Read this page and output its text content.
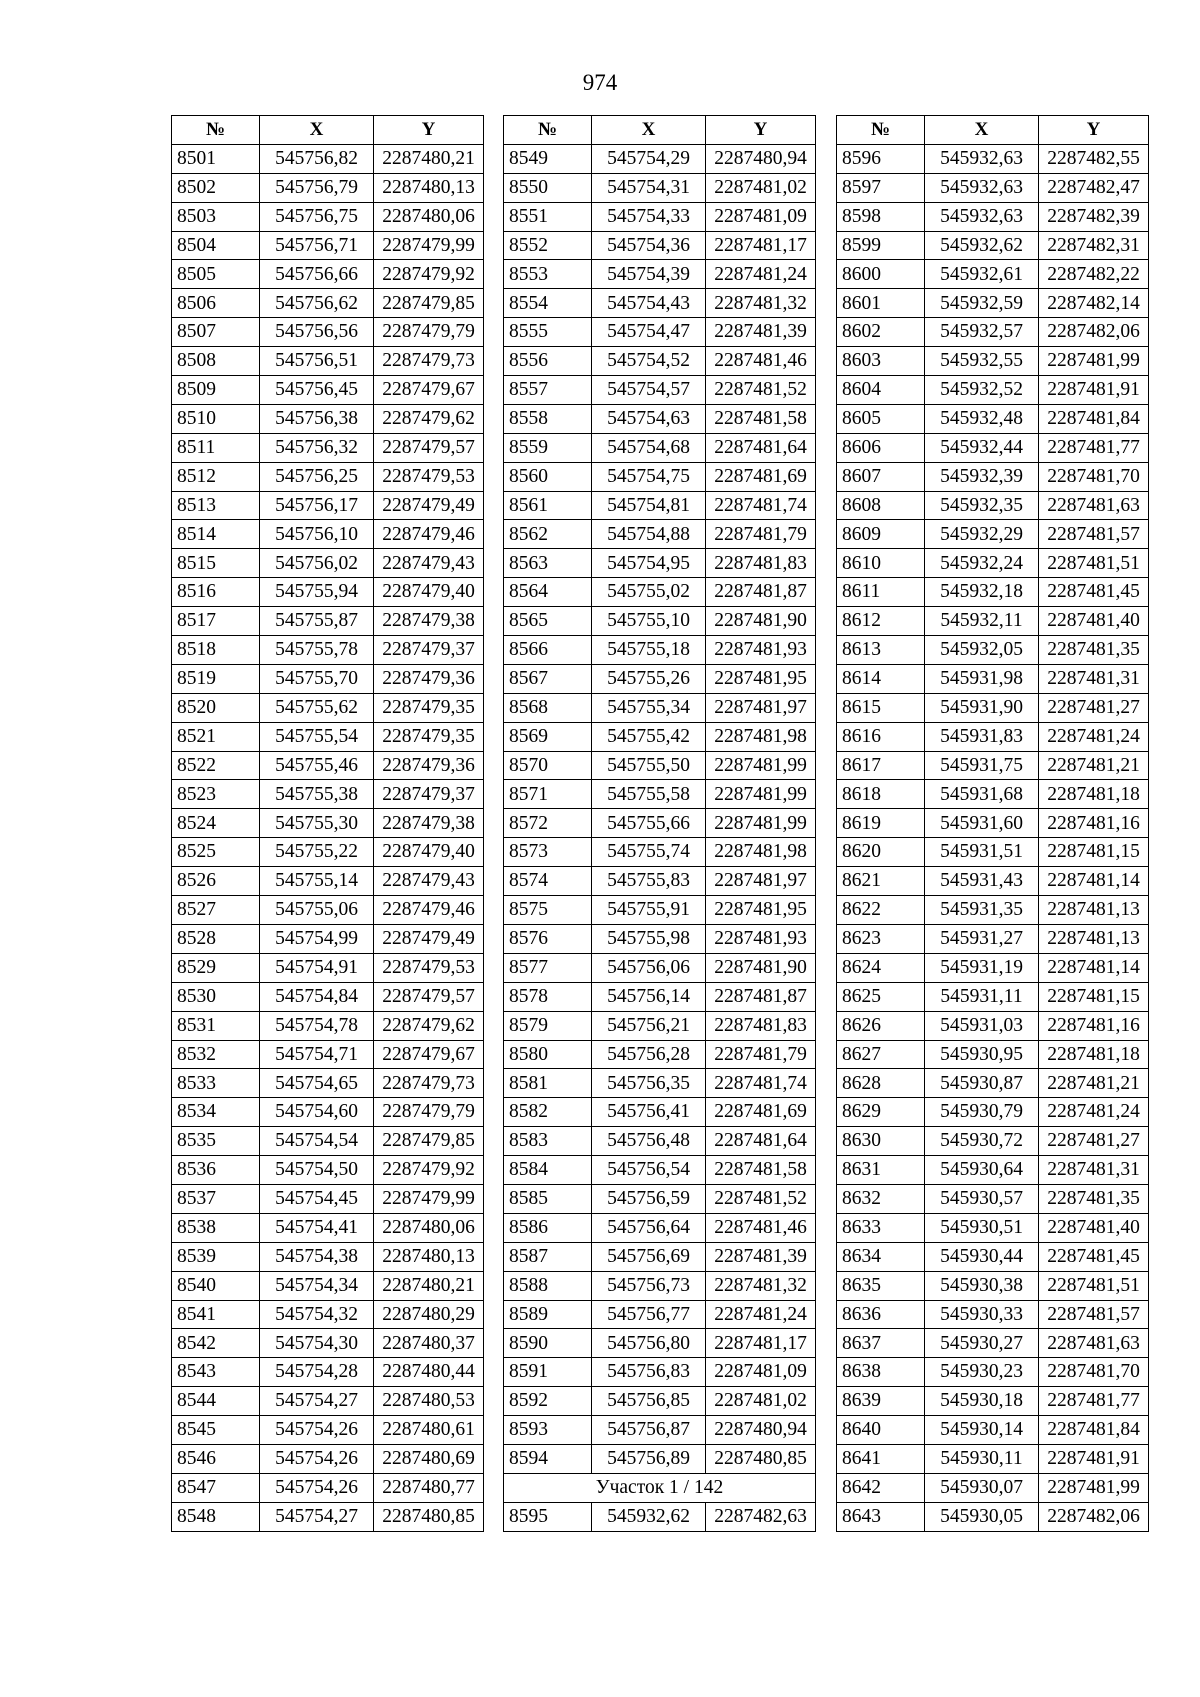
974
№	X	Y
8501	545756,82	2287480,21
8502	545756,79	2287480,13
8503	545756,75	2287480,06
8504	545756,71	2287479,99
8505	545756,66	2287479,92
8506	545756,62	2287479,85
8507	545756,56	2287479,79
8508	545756,51	2287479,73
8509	545756,45	2287479,67
8510	545756,38	2287479,62
8511	545756,32	2287479,57
8512	545756,25	2287479,53
8513	545756,17	2287479,49
8514	545756,10	2287479,46
8515	545756,02	2287479,43
8516	545755,94	2287479,40
8517	545755,87	2287479,38
8518	545755,78	2287479,37
8519	545755,70	2287479,36
8520	545755,62	2287479,35
8521	545755,54	2287479,35
8522	545755,46	2287479,36
8523	545755,38	2287479,37
8524	545755,30	2287479,38
8525	545755,22	2287479,40
8526	545755,14	2287479,43
8527	545755,06	2287479,46
8528	545754,99	2287479,49
8529	545754,91	2287479,53
8530	545754,84	2287479,57
8531	545754,78	2287479,62
8532	545754,71	2287479,67
8533	545754,65	2287479,73
8534	545754,60	2287479,79
8535	545754,54	2287479,85
8536	545754,50	2287479,92
8537	545754,45	2287479,99
8538	545754,41	2287480,06
8539	545754,38	2287480,13
8540	545754,34	2287480,21
8541	545754,32	2287480,29
8542	545754,30	2287480,37
8543	545754,28	2287480,44
8544	545754,27	2287480,53
8545	545754,26	2287480,61
8546	545754,26	2287480,69
8547	545754,26	2287480,77
8548	545754,27	2287480,85
№	X	Y
8549	545754,29	2287480,94
8550	545754,31	2287481,02
8551	545754,33	2287481,09
8552	545754,36	2287481,17
8553	545754,39	2287481,24
8554	545754,43	2287481,32
8555	545754,47	2287481,39
8556	545754,52	2287481,46
8557	545754,57	2287481,52
8558	545754,63	2287481,58
8559	545754,68	2287481,64
8560	545754,75	2287481,69
8561	545754,81	2287481,74
8562	545754,88	2287481,79
8563	545754,95	2287481,83
8564	545755,02	2287481,87
8565	545755,10	2287481,90
8566	545755,18	2287481,93
8567	545755,26	2287481,95
8568	545755,34	2287481,97
8569	545755,42	2287481,98
8570	545755,50	2287481,99
8571	545755,58	2287481,99
8572	545755,66	2287481,99
8573	545755,74	2287481,98
8574	545755,83	2287481,97
8575	545755,91	2287481,95
8576	545755,98	2287481,93
8577	545756,06	2287481,90
8578	545756,14	2287481,87
8579	545756,21	2287481,83
8580	545756,28	2287481,79
8581	545756,35	2287481,74
8582	545756,41	2287481,69
8583	545756,48	2287481,64
8584	545756,54	2287481,58
8585	545756,59	2287481,52
8586	545756,64	2287481,46
8587	545756,69	2287481,39
8588	545756,73	2287481,32
8589	545756,77	2287481,24
8590	545756,80	2287481,17
8591	545756,83	2287481,09
8592	545756,85	2287481,02
8593	545756,87	2287480,94
8594	545756,89	2287480,85
Участок 1 / 142		
8595	545932,62	2287482,63
№	X	Y
8596	545932,63	2287482,55
8597	545932,63	2287482,47
8598	545932,63	2287482,39
8599	545932,62	2287482,31
8600	545932,61	2287482,22
8601	545932,59	2287482,14
8602	545932,57	2287482,06
8603	545932,55	2287481,99
8604	545932,52	2287481,91
8605	545932,48	2287481,84
8606	545932,44	2287481,77
8607	545932,39	2287481,70
8608	545932,35	2287481,63
8609	545932,29	2287481,57
8610	545932,24	2287481,51
8611	545932,18	2287481,45
8612	545932,11	2287481,40
8613	545932,05	2287481,35
8614	545931,98	2287481,31
8615	545931,90	2287481,27
8616	545931,83	2287481,24
8617	545931,75	2287481,21
8618	545931,68	2287481,18
8619	545931,60	2287481,16
8620	545931,51	2287481,15
8621	545931,43	2287481,14
8622	545931,35	2287481,13
8623	545931,27	2287481,13
8624	545931,19	2287481,14
8625	545931,11	2287481,15
8626	545931,03	2287481,16
8627	545930,95	2287481,18
8628	545930,87	2287481,21
8629	545930,79	2287481,24
8630	545930,72	2287481,27
8631	545930,64	2287481,31
8632	545930,57	2287481,35
8633	545930,51	2287481,40
8634	545930,44	2287481,45
8635	545930,38	2287481,51
8636	545930,33	2287481,57
8637	545930,27	2287481,63
8638	545930,23	2287481,70
8639	545930,18	2287481,77
8640	545930,14	2287481,84
8641	545930,11	2287481,91
8642	545930,07	2287481,99
8643	545930,05	2287482,06
